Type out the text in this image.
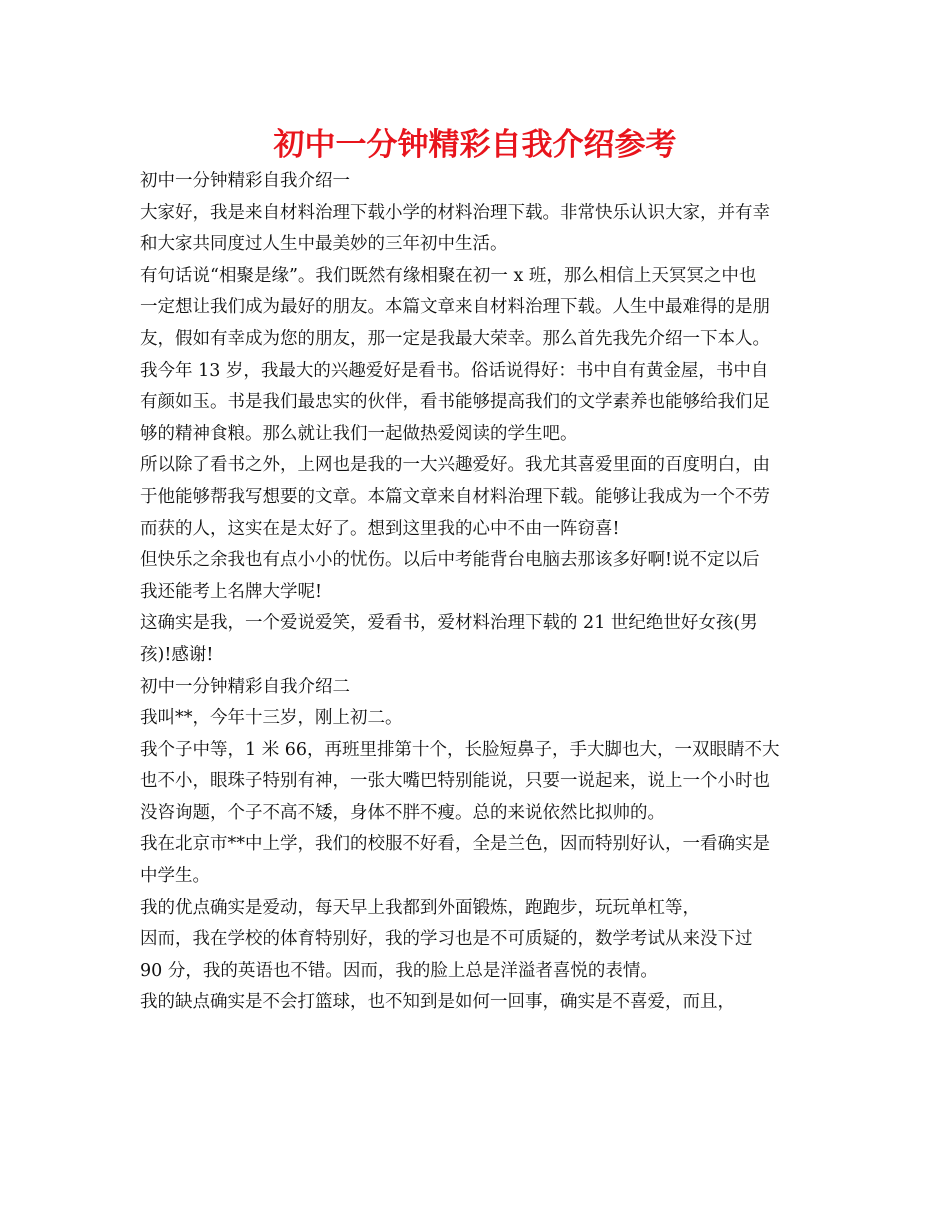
初中一分钟精彩自我介绍参考
初中一分钟精彩自我介绍一
大家好，我是来自材料治理下载小学的材料治理下载。非常快乐认识大家，并有幸
和大家共同度过人生中最美妙的三年初中生活。
有句话说“相聚是缘”。我们既然有缘相聚在初一 x 班，那么相信上天冥冥之中也
一定想让我们成为最好的朋友。本篇文章来自材料治理下载。人生中最难得的是朋
友，假如有幸成为您的朋友，那一定是我最大荣幸。那么首先我先介绍一下本人。
我今年 13 岁，我最大的兴趣爱好是看书。俗话说得好：书中自有黄金屋，书中自
有颜如玉。书是我们最忠实的伙伴，看书能够提高我们的文学素养也能够给我们足
够的精神食粮。那么就让我们一起做热爱阅读的学生吧。
所以除了看书之外，上网也是我的一大兴趣爱好。我尤其喜爱里面的百度明白，由
于他能够帮我写想要的文章。本篇文章来自材料治理下载。能够让我成为一个不劳
而获的人，这实在是太好了。想到这里我的心中不由一阵窃喜!
但快乐之余我也有点小小的忧伤。以后中考能背台电脑去那该多好啊!说不定以后
我还能考上名牌大学呢!
这确实是我，一个爱说爱笑，爱看书，爱材料治理下载的 21 世纪绝世好女孩(男
孩)!感谢!
初中一分钟精彩自我介绍二
我叫**，今年十三岁，刚上初二。
我个子中等，1 米 66，再班里排第十个，长脸短鼻子，手大脚也大，一双眼睛不大
也不小，眼珠子特别有神，一张大嘴巴特别能说，只要一说起来，说上一个小时也
没咨询题，个子不高不矮，身体不胖不瘦。总的来说依然比拟帅的。
我在北京市**中上学，我们的校服不好看，全是兰色，因而特别好认，一看确实是
中学生。
我的优点确实是爱动，每天早上我都到外面锻炼，跑跑步，玩玩单杠等，
因而，我在学校的体育特别好，我的学习也是不可质疑的，数学考试从来没下过
90 分，我的英语也不错。因而，我的脸上总是洋溢者喜悦的表情。
我的缺点确实是不会打篮球，也不知到是如何一回事，确实是不喜爱，而且，
